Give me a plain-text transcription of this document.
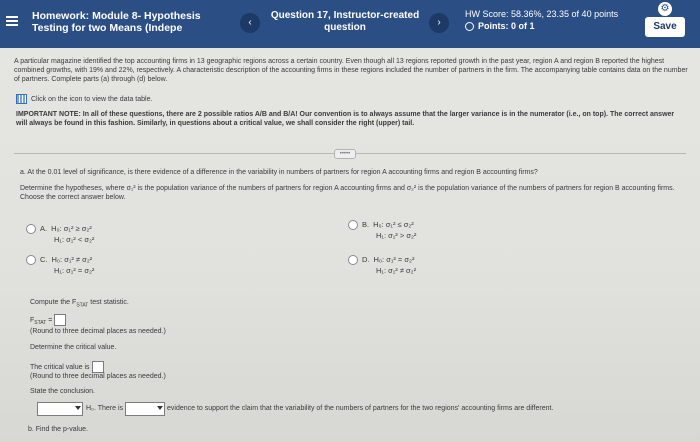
Homework: Module 8- Hypothesis
Testing for two Means (Indepe	‹
Question 17, Instructor-created
question	›
HW Score: 58.36%, 23.35 of 40 points
Points: 0 of 1
⚙
Save
A particular magazine identified the top accounting firms in 13 geographic regions across a certain country. Even though all 13 regions reported growth in the past year, region A and region B reported the highest combined growths, with 19% and 22%, respectively. A characteristic description of the accounting firms in these regions included the number of partners in the firm. The accompanying table contains data on the number of partners. Complete parts (a) through (d) below.
Click on the icon to view the data table.
IMPORTANT NOTE: In all of these questions, there are 2 possible ratios A/B and B/A! Our convention is to always assume that the larger variance is in the numerator (i.e., on top). The correct answer will always be found in this fashion. Similarly, in questions about a critical value, we shall consider the right (upper) tail.
•••••
a. At the 0.01 level of significance, is there evidence of a difference in the variability in numbers of partners for region A accounting firms and region B accounting firms?
Determine the hypotheses, where σ₁² is the population variance of the numbers of partners for region A accounting firms and σ₂² is the population variance of the numbers of partners for region B accounting firms. Choose the correct answer below.
A. H₀: σ₁² ≥ σ₂²
H₁: σ₁² < σ₂²
B. H₀: σ₁² ≤ σ₂²
H₁: σ₁² > σ₂²
C. H₀: σ₁² ≠ σ₂²
H₁: σ₁² = σ₂²
D. H₀: σ₁² = σ₂²
H₁: σ₁² ≠ σ₂²
Compute the $F_{STAT}$ test statistic.
$F_{STAT}$ =
(Round to three decimal places as needed.)
Determine the critical value.
The critical value is
(Round to three decimal places as needed.)
State the conclusion.
H₀. There is	evidence to support the claim that the variability of the numbers of partners for the two regions' accounting firms are different.
b. Find the p-value.
